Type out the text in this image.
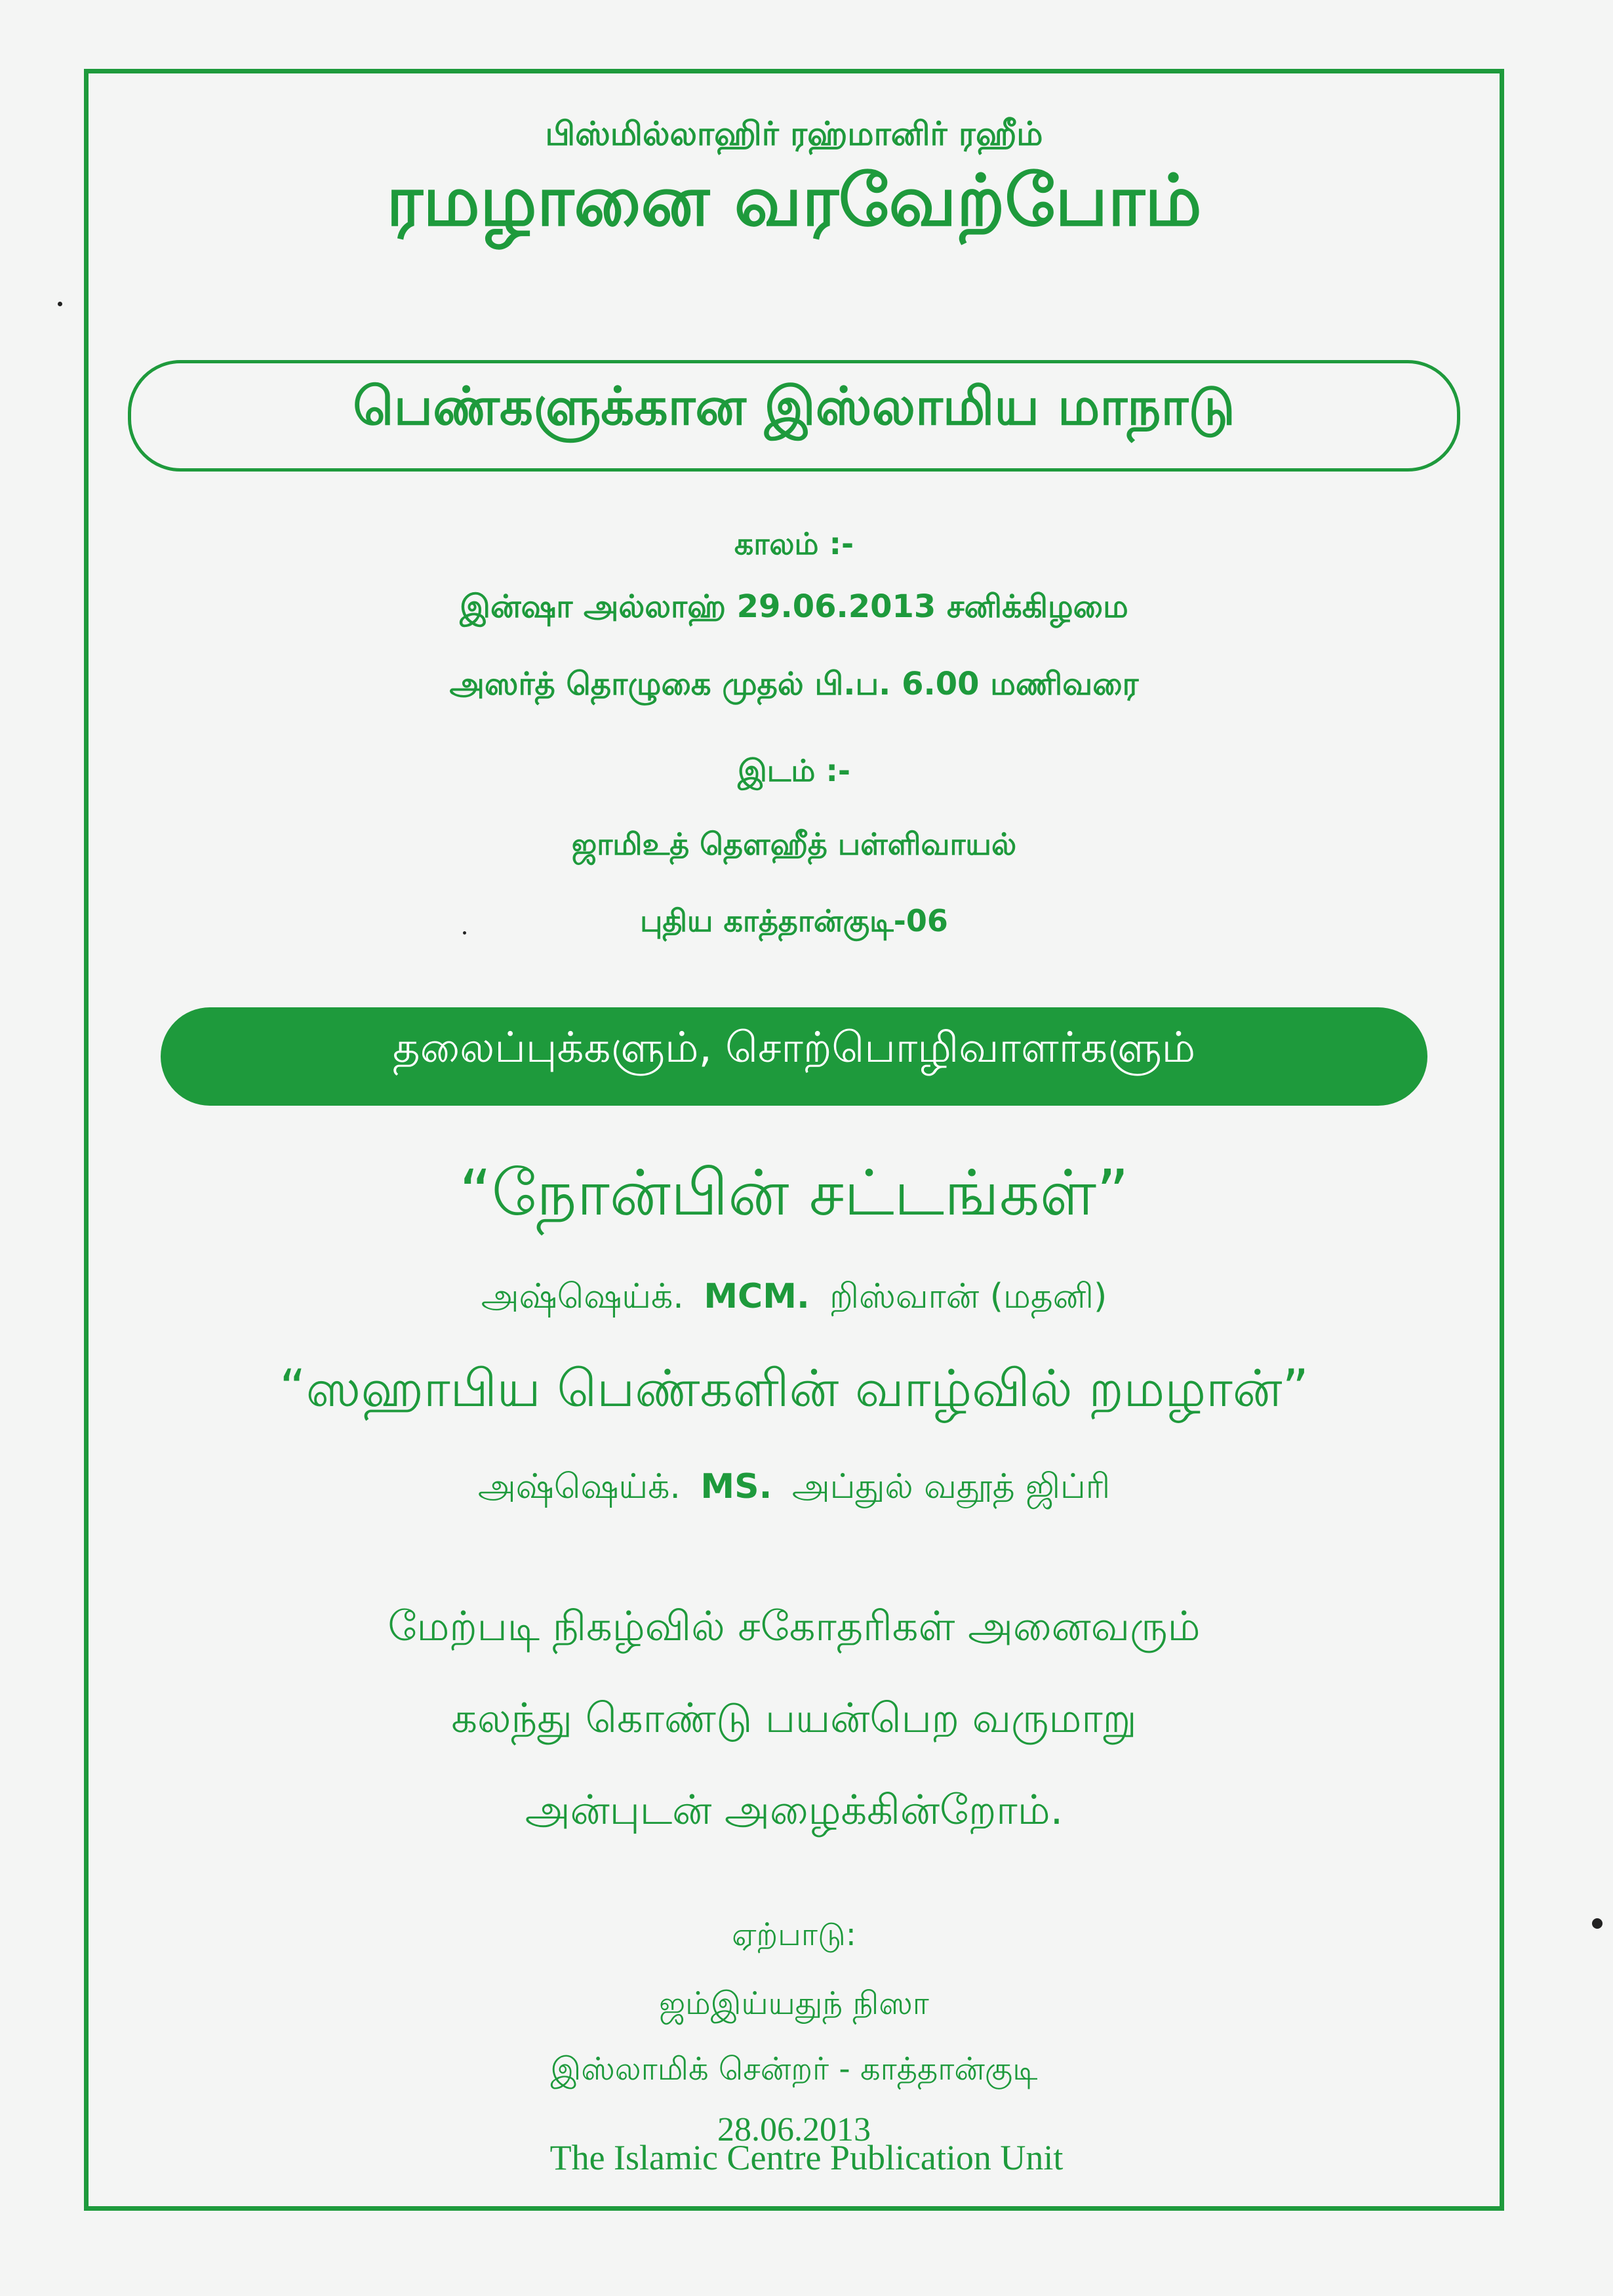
பிஸ்மில்லாஹிர் ரஹ்மானிர் ரஹீம்
ரமழானை வரவேற்போம்
பெண்களுக்கான இஸ்லாமிய மாநாடு
காலம் :-
இன்ஷா அல்லாஹ் 29.06.2013 சனிக்கிழமை
அஸர்த் தொழுகை முதல் பி.ப. 6.00 மணிவரை
இடம் :-
ஜாமிஉத் தௌஹீத் பள்ளிவாயல்
புதிய காத்தான்குடி-06
தலைப்புக்களும், சொற்பொழிவாளர்களும்
“நோன்பின் சட்டங்கள்”
அஷ்ஷெய்க். MCM. றிஸ்வான் (மதனி)
“ஸஹாபிய பெண்களின் வாழ்வில் றமழான்”
அஷ்ஷெய்க். MS. அப்துல் வதூத் ஜிப்ரி
மேற்படி நிகழ்வில் சகோதரிகள் அனைவரும்
கலந்து கொண்டு பயன்பெற வருமாறு
அன்புடன் அழைக்கின்றோம்.
ஏற்பாடு:
ஜம்இய்யதுந் நிஸா
இஸ்லாமிக் சென்றர் - காத்தான்குடி
28.06.2013
The Islamic Centre Publication Unit
